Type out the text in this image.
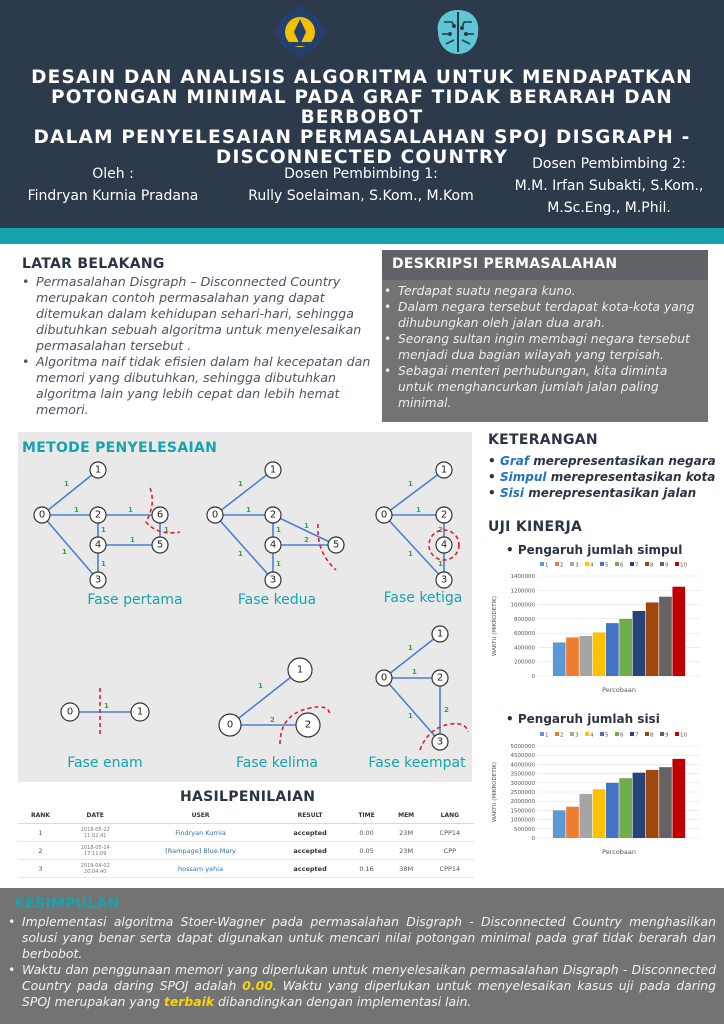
DESAIN DAN ANALISIS ALGORITMA UNTUK MENDAPATKAN
POTONGAN MINIMAL PADA GRAF TIDAK BERARAH DAN BERBOBOT
DALAM PENYELESAIAN PERMASALAHAN SPOJ DISGRAPH -
DISCONNECTED COUNTRY
Oleh :
Findryan Kurnia Pradana
Dosen Pembimbing 1:
Rully Soelaiman, S.Kom., M.Kom
Dosen Pembimbing 2:
M.M. Irfan Subakti, S.Kom.,
M.Sc.Eng., M.Phil.
LATAR BELAKANG
• Permasalahan Disgraph – Disconnected Country merupakan contoh permasalahan yang dapat ditemukan dalam kehidupan sehari-hari, sehingga dibutuhkan sebuah algoritma untuk menyelesaikan permasalahan tersebut .
• Algoritma naif tidak efisien dalam hal kecepatan dan memori yang dibutuhkan, sehingga dibutuhkan algoritma lain yang lebih cepat dan lebih hemat memori.
DESKRIPSI PERMASALAHAN
• Terdapat suatu negara kuno.
• Dalam negara tersebut terdapat kota-kota yang dihubungkan oleh jalan dua arah.
• Seorang sultan ingin membagi negara tersebut menjadi dua bagian wilayah yang terpisah.
• Sebagai menteri perhubungan, kita diminta untuk menghancurkan jumlah jalan paling minimal.
METODE PENYELESAIAN
1
1
1
1
1
1
1
1
1
0	2	6
4	5
3
1
1
1
1
1
2
1
1
0	2
4	5
3
1
1
1
2
1
1
0	2
4
3
1
0	1
1
2
1
0	2
1
1
1
2
1
0	2
3
Fase pertama	Fase kedua	Fase ketiga
Fase enam	Fase kelima	Fase keempat
KETERANGAN
• Graf merepresentasikan negara
• Simpul merepresentasikan kota
• Sisi merepresentasikan jalan
UJI KINERJA
• Pengaruh jumlah simpul
1 2 3 4 5 6 7 8 9 10
0
200000
400000
600000
800000
1000000
1200000
1400000
Percobaan
WAKTU (MIKRODETIK)
• Pengaruh jumlah sisi
1 2 3 4 5 6 7 8 9 10
0
500000
1000000
1500000
2000000
2500000
3000000
3500000
4000000
4500000
5000000
Percobaan
WAKTU (MIKRODETIK)
HASILPENILAIAN
RANK	DATE	USER	RESULT	TIME	MEM	LANG
1	2018-05-22
11:02:41	Findryan Kurnia	accepted	0.00	23M	CPP14
2	2018-05-14
17:11:09	[Rampage] Blue.Mary	accepted	0.05	23M	CPP
3	2019-04-02
20:04:40	hossam yehia	accepted	0.16	38M	CPP14
KESIMPULAN
• Implementasi algoritma Stoer-Wagner pada permasalahan Disgraph - Disconnected Country menghasilkan solusi yang benar serta dapat digunakan untuk mencari nilai potongan minimal pada graf tidak berarah dan berbobot.
• Waktu dan penggunaan memori yang diperlukan untuk menyelesaikan permasalahan Disgraph - Disconnected Country pada daring SPOJ adalah 0.00. Waktu yang diperlukan untuk menyelesaikan kasus uji pada daring SPOJ merupakan yang terbaik dibandingkan dengan implementasi lain.
